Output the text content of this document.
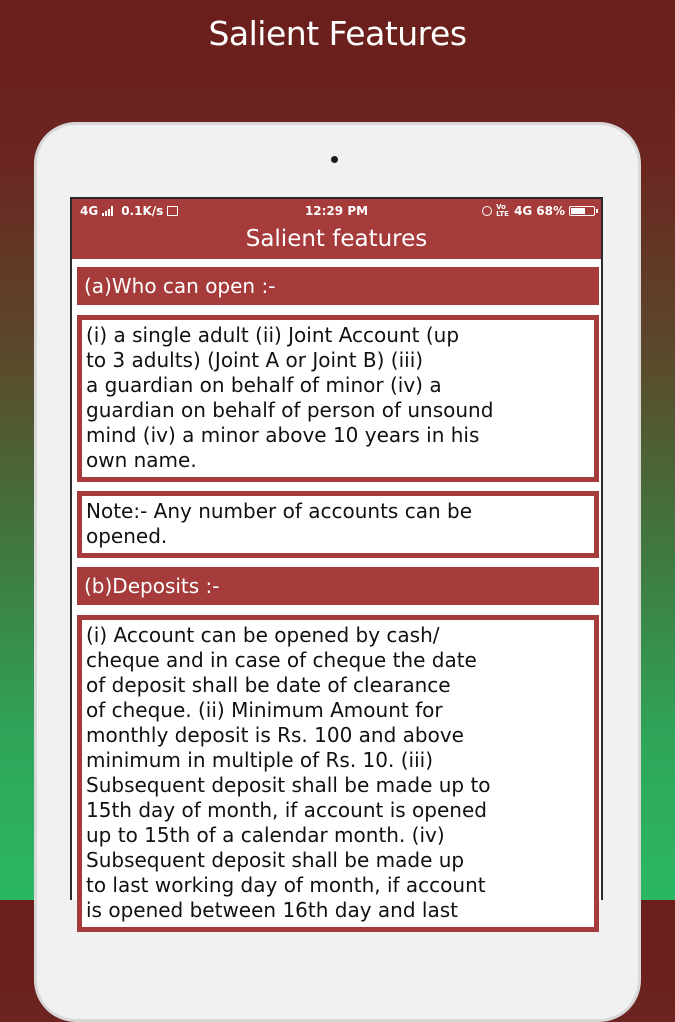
Salient Features
4G 0.1K/s	12:29 PM	Vo LTE 4G 68%
Salient features
(a)Who can open :-
(i) a single adult (ii) Joint Account (up
to 3 adults) (Joint A or Joint B) (iii)
a guardian on behalf of minor (iv) a
guardian on behalf of person of unsound
mind (iv) a minor above 10 years in his
own name.
Note:- Any number of accounts can be
opened.
(b)Deposits :-
(i) Account can be opened by cash/
cheque and in case of cheque the date
of deposit shall be date of clearance
of cheque. (ii) Minimum Amount for
monthly deposit is Rs. 100 and above
minimum in multiple of Rs. 10. (iii)
Subsequent deposit shall be made up to
15th day of month, if account is opened
up to 15th of a calendar month. (iv)
Subsequent deposit shall be made up
to last working day of month, if account
is opened between 16th day and last
